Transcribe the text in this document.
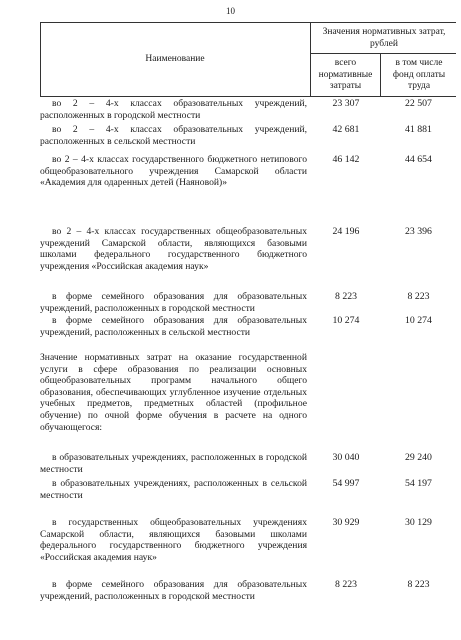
10
Наименование
Значения нормативных затрат, рублей
всего нормативные затраты
в том числе фонд оплаты труда
во 2 – 4-х классах образовательных учреждений, расположенных в городской местности
23 307	22 507
во 2 – 4-х классах образовательных учреждений, расположенных в сельской местности
42 681	41 881
во 2 – 4-х классах государственного бюджетного нетипового общеобразовательного учреждения Самарской области «Академия для одаренных детей (Наяновой)»
46 142	44 654
во 2 – 4-х классах государственных общеобразовательных учреждений Самарской области, являющихся базовыми школами федерального государственного бюджетного учреждения «Российская академия наук»
24 196	23 396
в форме семейного образования для образовательных учреждений, расположенных в городской местности
8 223	8 223
в форме семейного образования для образовательных учреждений, расположенных в сельской местности
10 274	10 274
Значение нормативных затрат на оказание государственной услуги в сфере образования по реализации основных общеобразовательных программ начального общего образования, обеспечивающих углубленное изучение отдельных учебных предметов, предметных областей (профильное обучение) по очной форме обучения в расчете на одного обучающегося:
в образовательных учреждениях, расположенных в городской местности
30 040	29 240
в образовательных учреждениях, расположенных в сельской местности
54 997	54 197
в государственных общеобразовательных учреждениях Самарской области, являющихся базовыми школами федерального государственного бюджетного учреждения «Российская академия наук»
30 929	30 129
в форме семейного образования для образовательных учреждений, расположенных в городской местности
8 223	8 223
